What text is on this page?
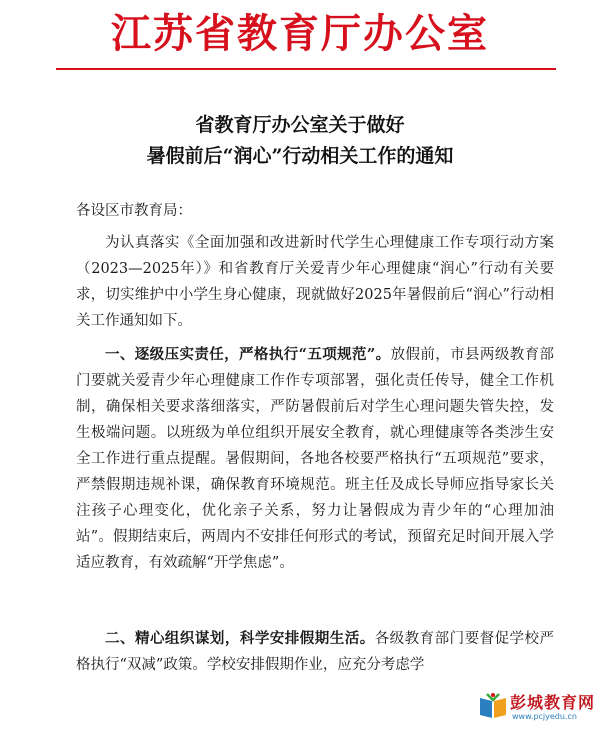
江苏省教育厅办公室
省教育厅办公室关于做好
暑假前后“润心”行动相关工作的通知
各设区市教育局：
为认真落实《全面加强和改进新时代学生心理健康工作专项行动方案（2023—2025年）》和省教育厅关爱青少年心理健康“润心”行动有关要求，切实维护中小学生身心健康，现就做好2025年暑假前后“润心”行动相关工作通知如下。
一、逐级压实责任，严格执行“五项规范”。放假前，市县两级教育部门要就关爱青少年心理健康工作作专项部署，强化责任传导，健全工作机制，确保相关要求落细落实，严防暑假前后对学生心理问题失管失控，发生极端问题。以班级为单位组织开展安全教育，就心理健康等各类涉生安全工作进行重点提醒。暑假期间，各地各校要严格执行“五项规范”要求，严禁假期违规补课，确保教育环境规范。班主任及成长导师应指导家长关注孩子心理变化，优化亲子关系，努力让暑假成为青少年的“心理加油站”。假期结束后，两周内不安排任何形式的考试，预留充足时间开展入学适应教育，有效疏解“开学焦虑”。
二、精心组织谋划，科学安排假期生活。各级教育部门要督促学校严格执行“双减”政策。学校安排假期作业，应充分考虑学
彭城教育网
www.pcjyedu.cn
